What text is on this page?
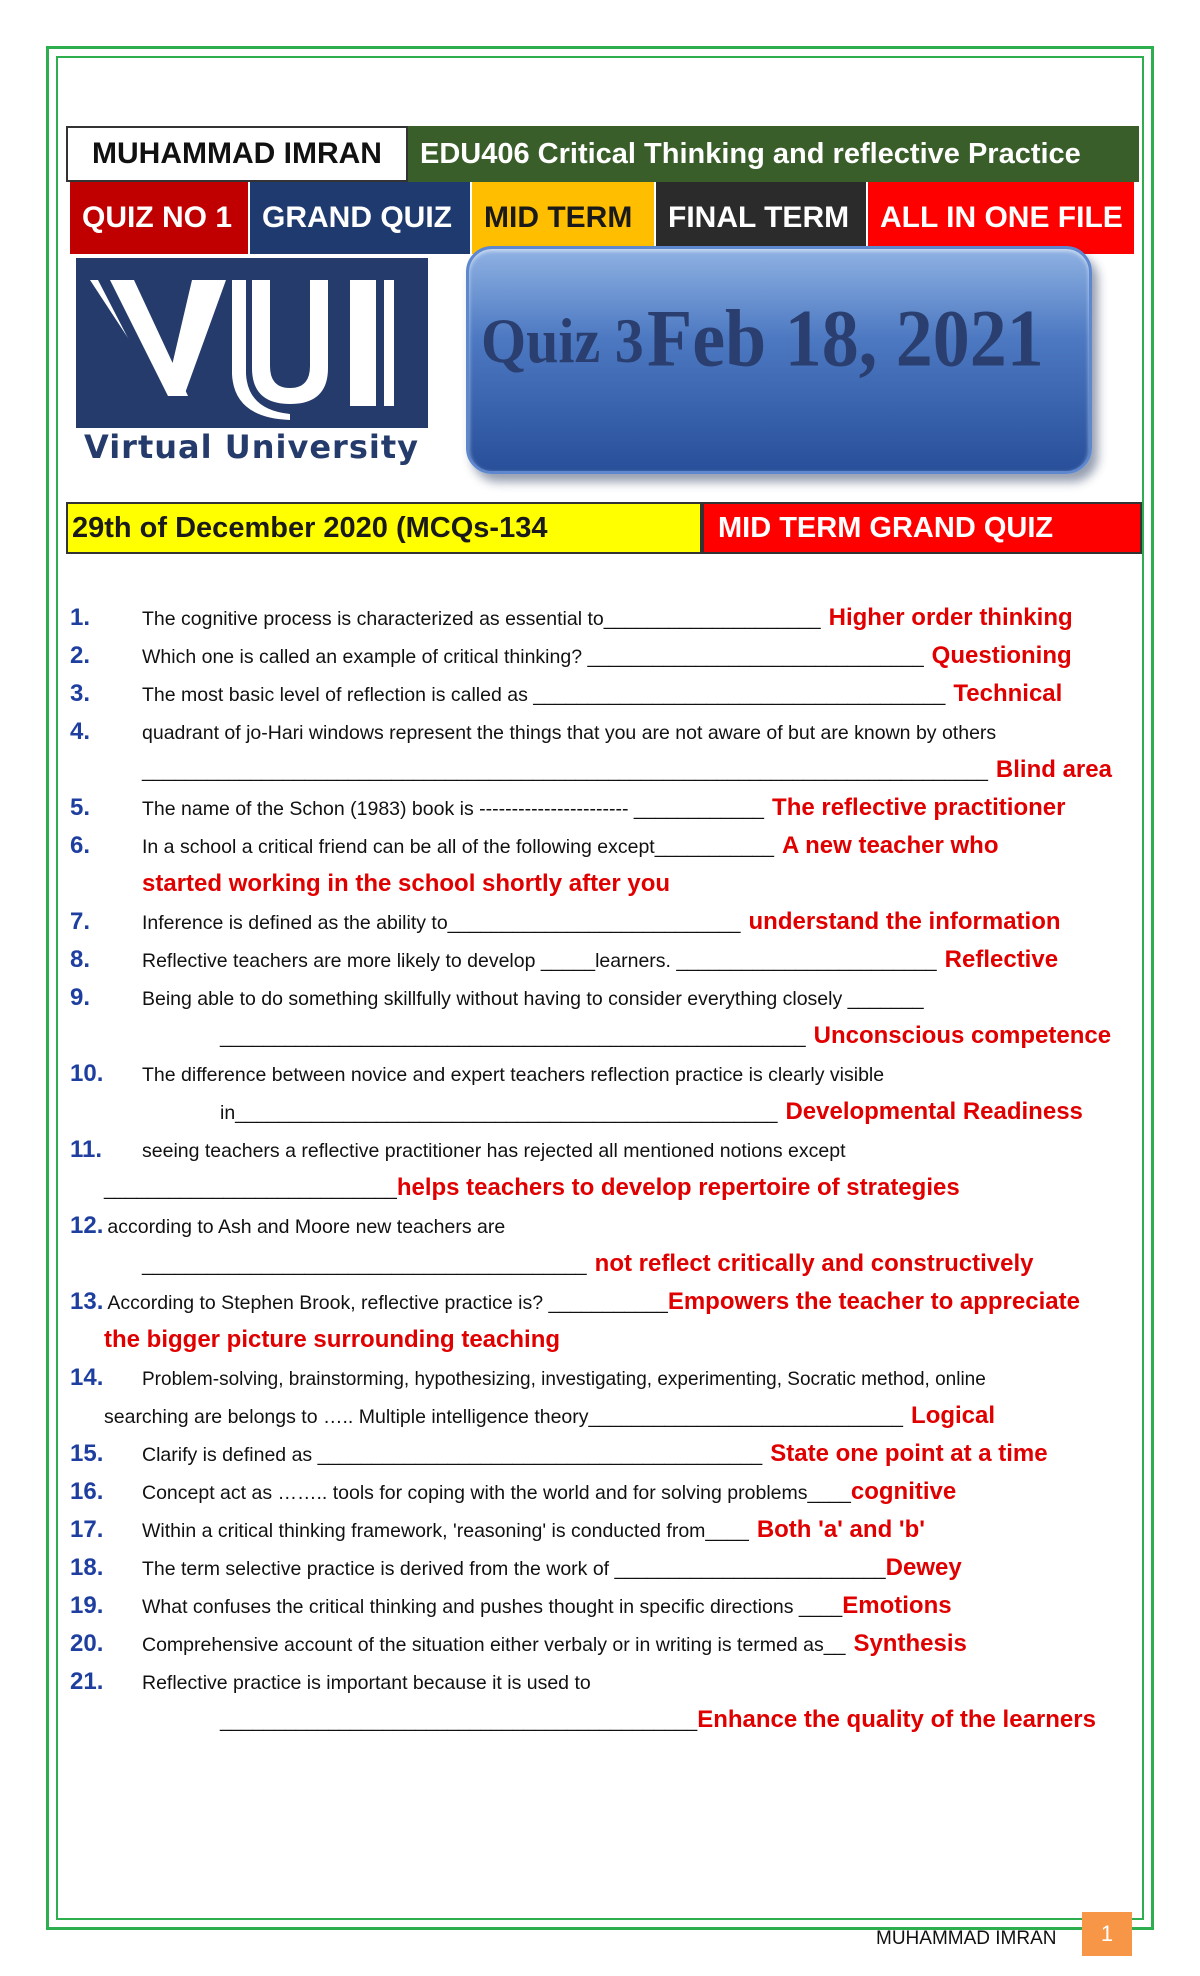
MUHAMMAD IMRAN	EDU406 Critical Thinking and reflective Practice
QUIZ NO 1 GRAND QUIZ	MID TERM	FINAL TERM	ALL IN ONE FILE
Virtual University
Quiz 3 Feb 18, 2021
29th of December 2020 (MCQs-134	MID TERM GRAND QUIZ
1.	The cognitive process is characterized as essential to____________________ Higher order thinking
2.	Which one is called an example of critical thinking? _______________________________ Questioning
3.	The most basic level of reflection is called as ______________________________________ Technical
4.	quadrant of jo-Hari windows represent the things that you are not aware of but are known by others
______________________________________________________________________________ Blind area
5.	The name of the Schon (1983) book is ----------------------- ____________ The reflective practitioner
6.	In a school a critical friend can be all of the following except___________ A new teacher who
started working in the school shortly after you
7.	Inference is defined as the ability to___________________________ understand the information
8.	Reflective teachers are more likely to develop _____learners. ________________________ Reflective
9.	Being able to do something skillfully without having to consider everything closely _______
______________________________________________________ Unconscious competence
10.	The difference between novice and expert teachers reflection practice is clearly visible
in__________________________________________________ Developmental Readiness
11.	seeing teachers a reflective practitioner has rejected all mentioned notions except
___________________________ helps teachers to develop repertoire of strategies
12. according to Ash and Moore new teachers are
_________________________________________ not reflect critically and constructively
13. According to Stephen Brook, reflective practice is? ___________ Empowers the teacher to appreciate
the bigger picture surrounding teaching
14.	Problem-solving, brainstorming, hypothesizing, investigating, experimenting, Socratic method, online
searching are belongs to ….. Multiple intelligence theory_____________________________ Logical
15.	Clarify is defined as _________________________________________ State one point at a time
16.	Concept act as …….. tools for coping with the world and for solving problems____ cognitive
17.	Within a critical thinking framework, 'reasoning' is conducted from____ Both 'a' and 'b'
18.	The term selective practice is derived from the work of _________________________ Dewey
19.	What confuses the critical thinking and pushes thought in specific directions ____ Emotions
20.	Comprehensive account of the situation either verbaly or in writing is termed as__ Synthesis
21.	Reflective practice is important because it is used to
____________________________________________ Enhance the quality of the learners
MUHAMMAD IMRAN	1
